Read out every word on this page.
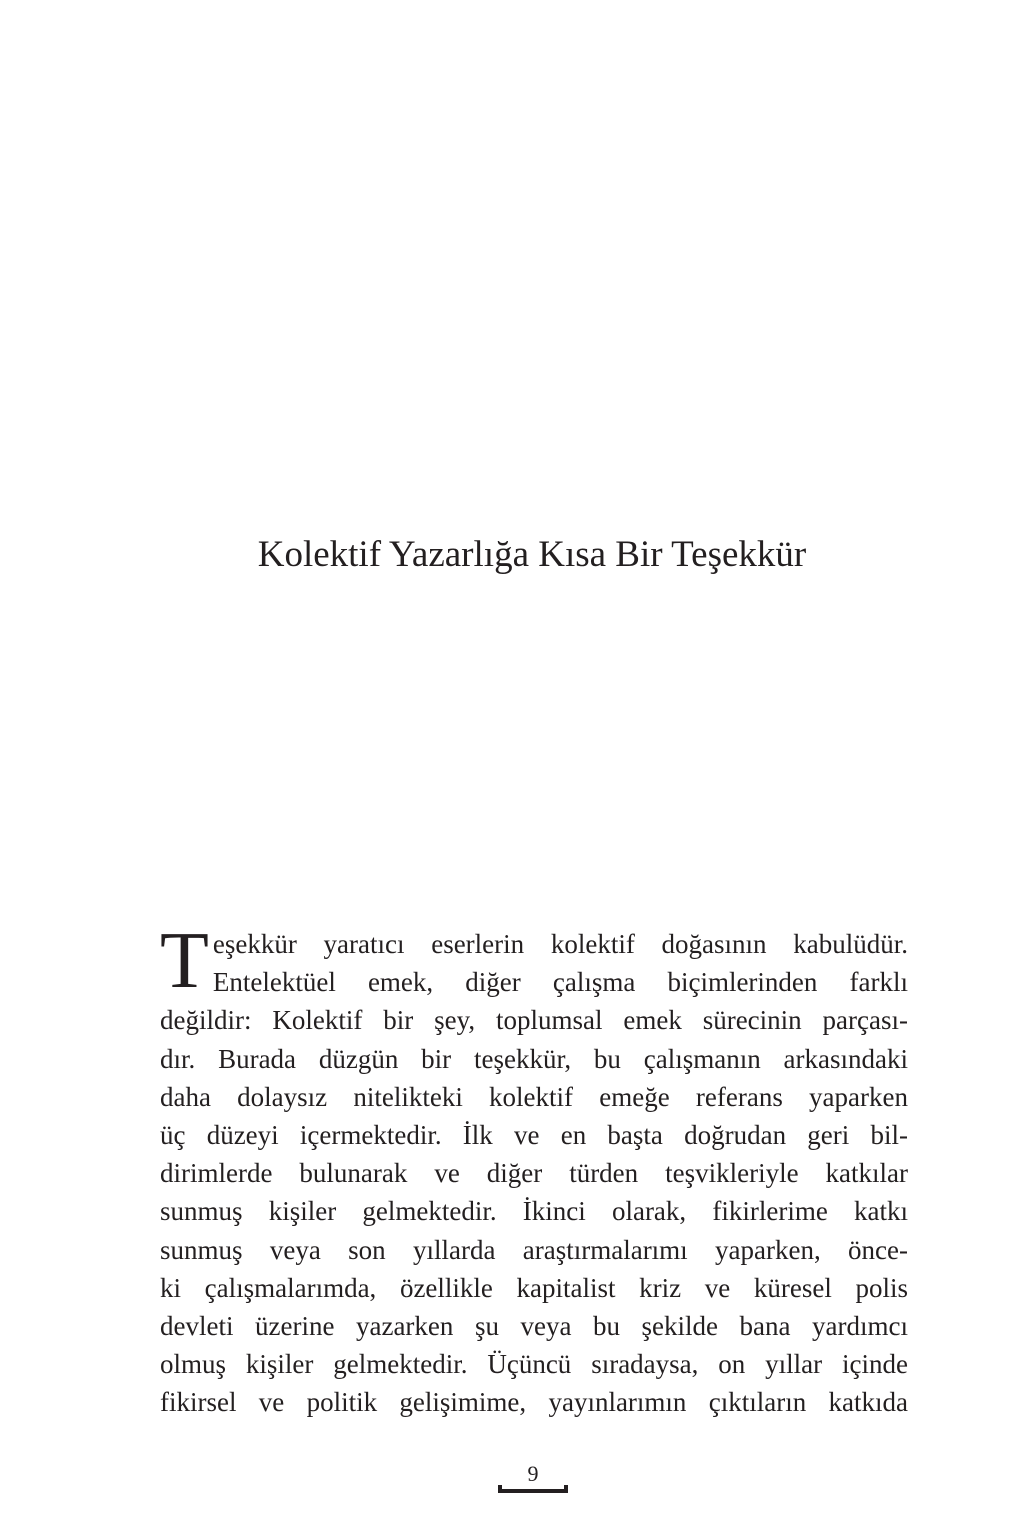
Kolektif Yazarlığa Kısa Bir Teşekkür
T eşekkür yaratıcı eserlerin kolektif doğasının kabulüdür.
Entelektüel emek, diğer çalışma biçimlerinden farklı
değildir: Kolektif bir şey, toplumsal emek sürecinin parçası-
dır. Burada düzgün bir teşekkür, bu çalışmanın arkasındaki
daha dolaysız nitelikteki kolektif emeğe referans yaparken
üç düzeyi içermektedir. İlk ve en başta doğrudan geri bil-
dirimlerde bulunarak ve diğer türden teşvikleriyle katkılar
sunmuş kişiler gelmektedir. İkinci olarak, fikirlerime katkı
sunmuş veya son yıllarda araştırmalarımı yaparken, önce-
ki çalışmalarımda, özellikle kapitalist kriz ve küresel polis
devleti üzerine yazarken şu veya bu şekilde bana yardımcı
olmuş kişiler gelmektedir. Üçüncü sıradaysa, on yıllar içinde
fikirsel ve politik gelişimime, yayınlarımın çıktıların katkıda
9
